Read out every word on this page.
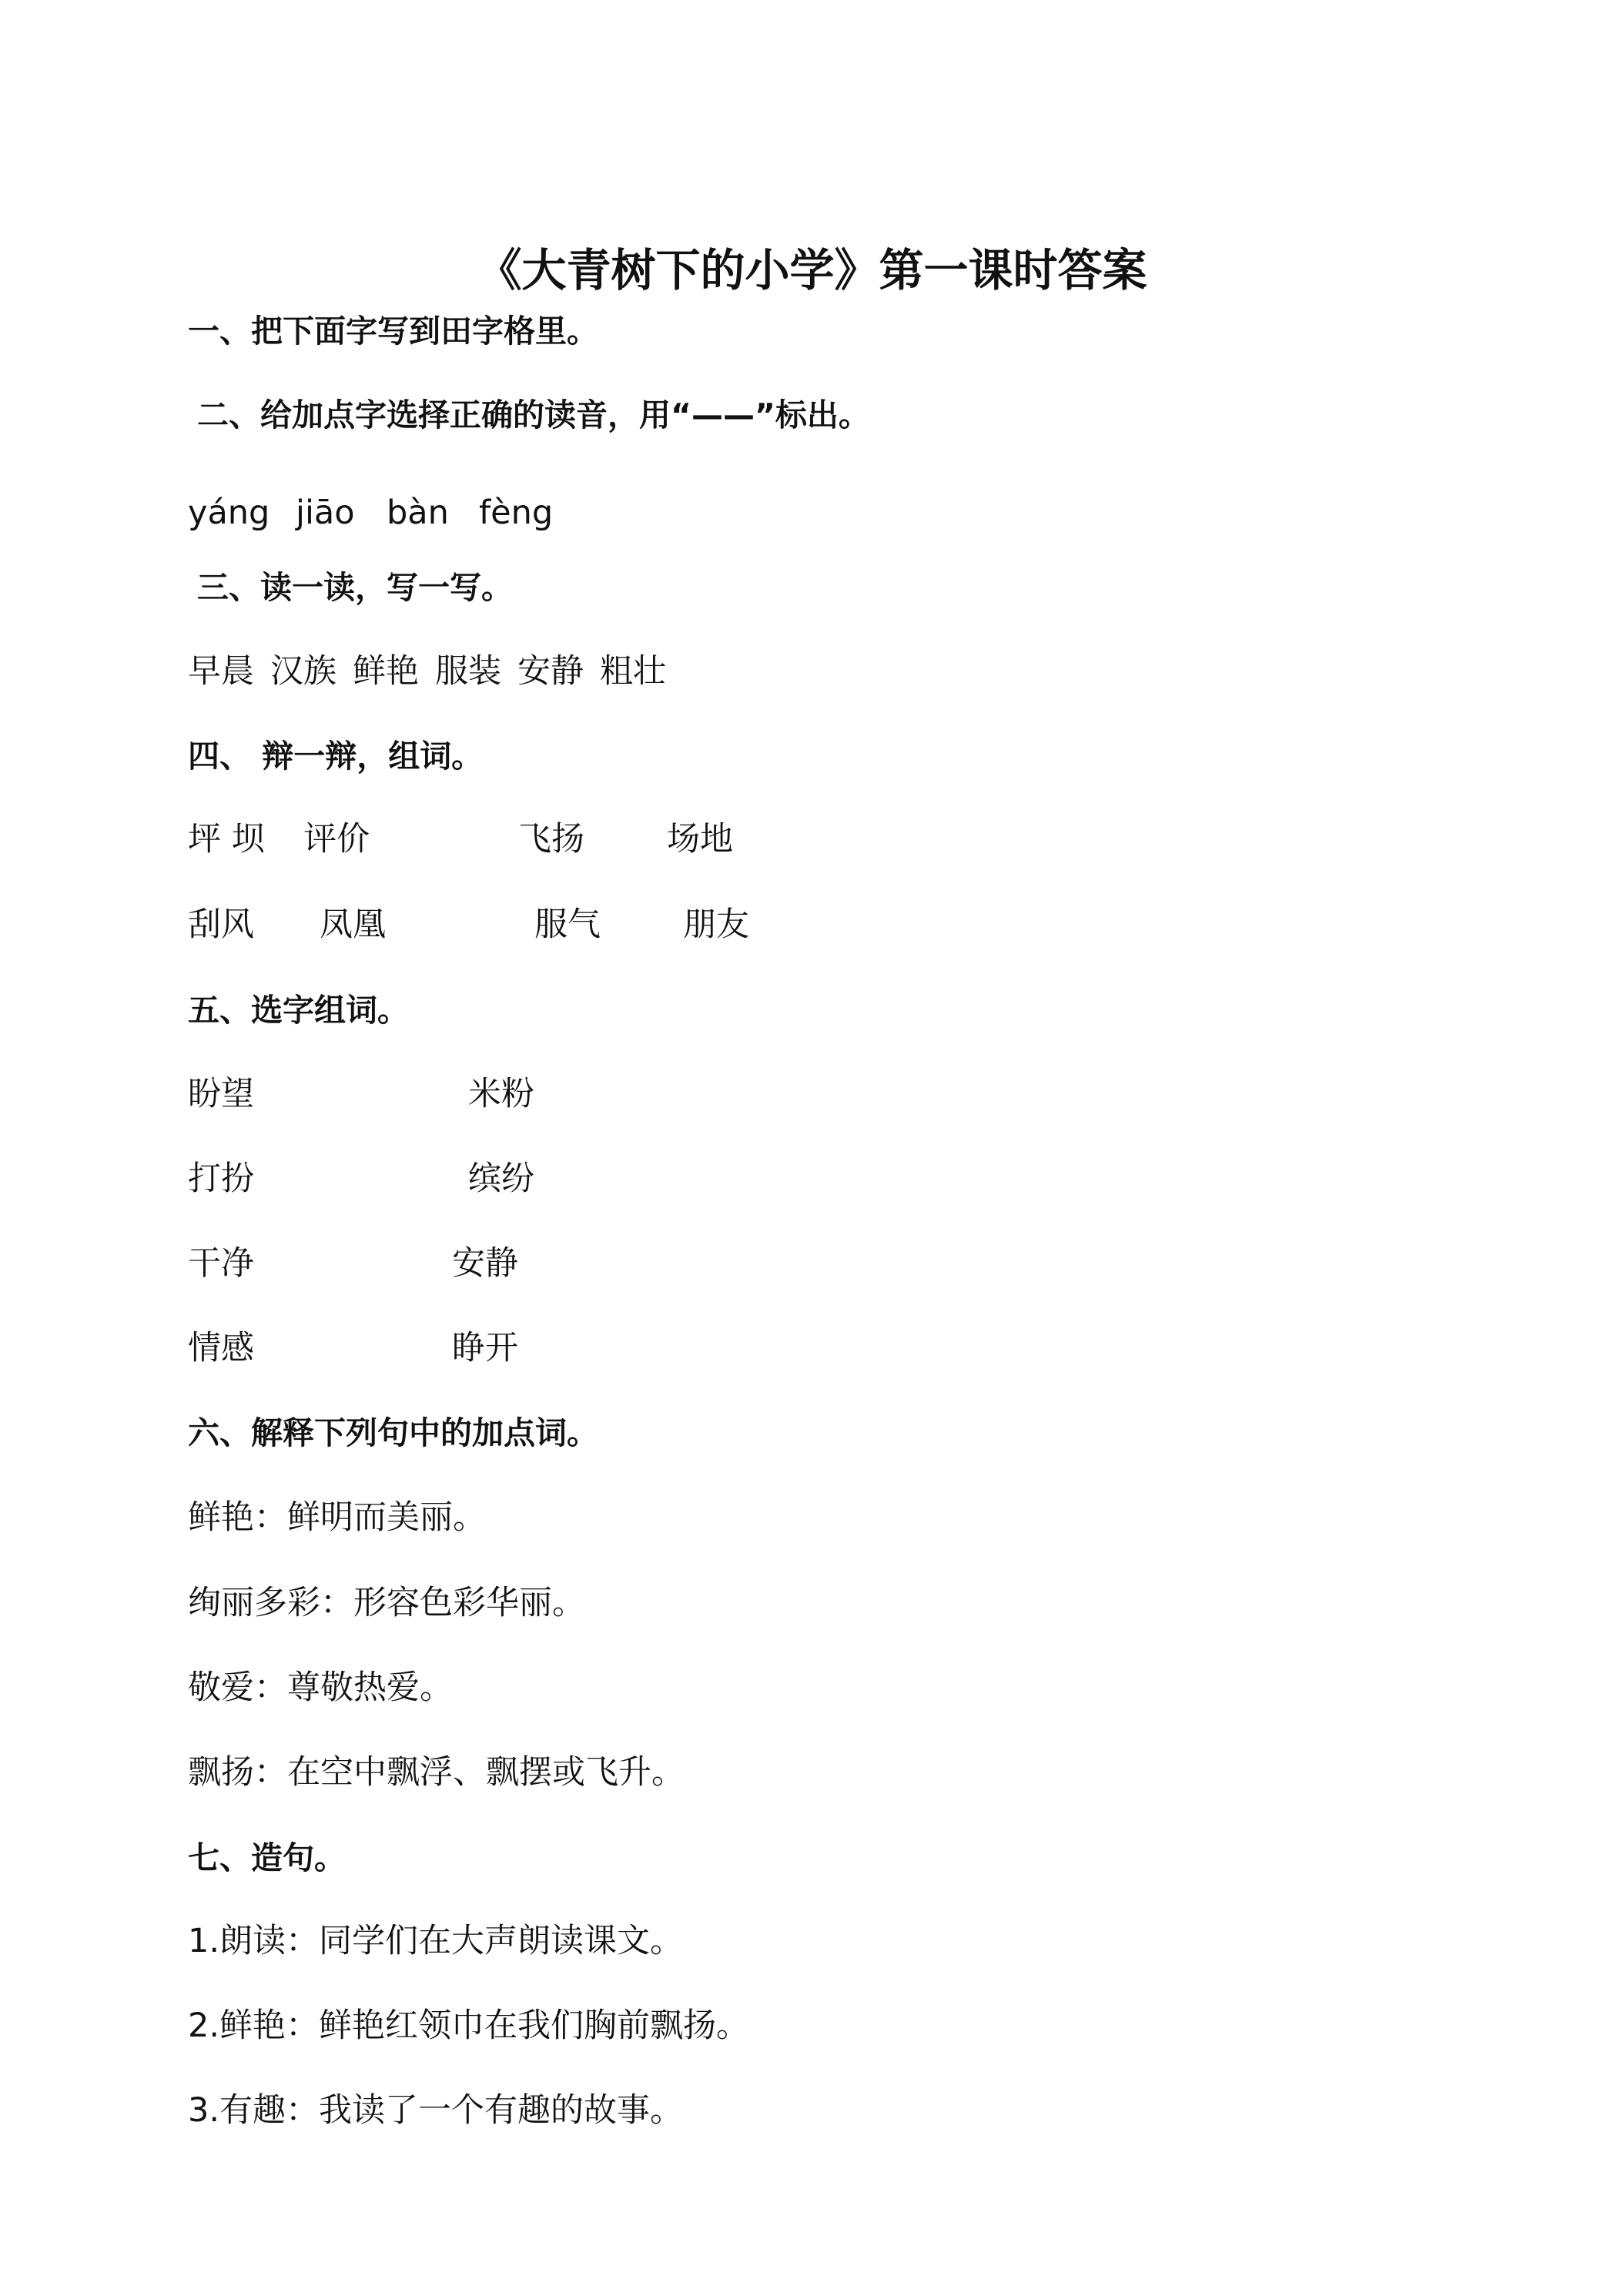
《大青树下的小学》第一课时答案
一、把下面字写到田字格里。
二、给加点字选择正确的读音，用“——”标出。
yáng jiāo bàn fèng
三、读一读，写一写。
早晨 汉族 鲜艳 服装 安静 粗壮
四、 辩一辩，组词。
坪 坝 评价	飞扬 场地
刮风 凤凰	服气 朋友
五、选字组词。
盼望	米粉
打扮	缤纷
干净	安静
情感	睁开
六、解释下列句中的加点词。
鲜艳：鲜明而美丽。
绚丽多彩：形容色彩华丽。
敬爱：尊敬热爱。
飘扬：在空中飘浮、飘摆或飞升。
七、造句。
1.朗读：同学们在大声朗读课文。
2.鲜艳：鲜艳红领巾在我们胸前飘扬。
3.有趣：我读了一个有趣的故事。
